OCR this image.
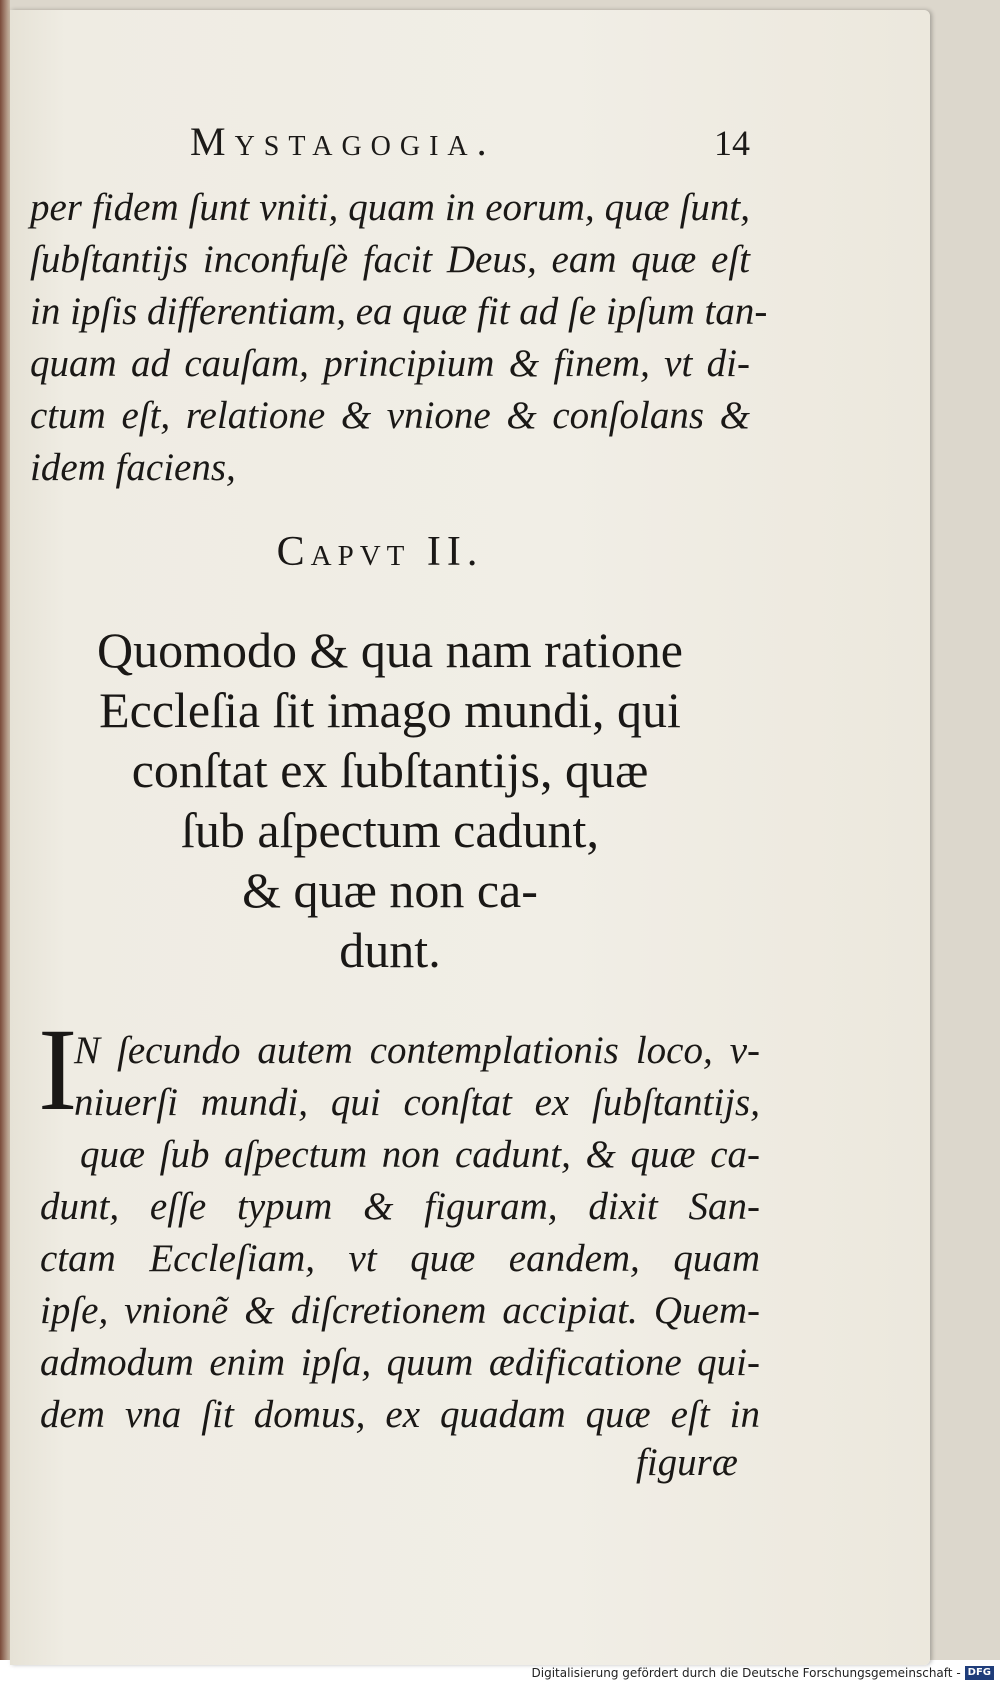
Mystagogia.	14
per fidem ſunt vniti, quam in eorum, quæ ſunt,
ſubſtantijs inconfuſè facit Deus, eam quæ eſt
in ipſis differentiam, ea quæ fit ad ſe ipſum tan-
quam ad cauſam, principium & finem, vt di-
ctum eſt, relatione & vnione & conſolans &
idem faciens,
Capvt II.
Quomodo & qua nam ratione
Eccleſia ſit imago mundi, qui
conſtat ex ſubſtantijs, quæ
ſub aſpectum cadunt,
& quæ non ca-
dunt.
I
N ſecundo autem contemplationis loco, v-
niuerſi mundi, qui conſtat ex ſubſtantijs,
quæ ſub aſpectum non cadunt, & quæ ca-
dunt, eſſe typum & figuram, dixit San-
ctam Eccleſiam, vt quæ eandem, quam
ipſe, vnionẽ & diſcretionem accipiat. Quem-
admodum enim ipſa, quum ædificatione qui-
dem vna ſit domus, ex quadam quæ eſt in
figuræ
Digitalisierung gefördert durch die Deutsche Forschungsgemeinschaft - DFG
